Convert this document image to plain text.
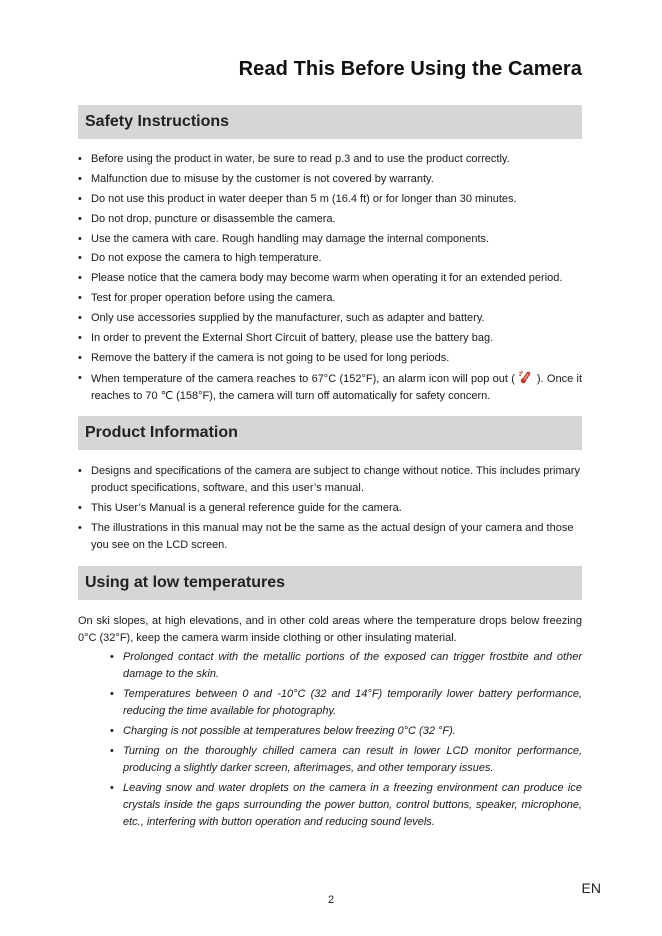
Read This Before Using the Camera
Safety Instructions
• Before using the product in water, be sure to read p.3 and to use the product correctly.
• Malfunction due to misuse by the customer is not covered by warranty.
• Do not use this product in water deeper than 5 m (16.4 ft) or for longer than 30 minutes.
• Do not drop, puncture or disassemble the camera.
• Use the camera with care. Rough handling may damage the internal components.
• Do not expose the camera to high temperature.
• Please notice that the camera body may become warm when operating it for an extended period.
• Test for proper operation before using the camera.
• Only use accessories supplied by the manufacturer, such as adapter and battery.
• In order to prevent the External Short Circuit of battery, please use the battery bag.
• Remove the battery if the camera is not going to be used for long periods.
• When temperature of the camera reaches to 67°C (152°F), an alarm icon will pop out ( ). Once it reaches to 70 ℃ (158°F), the camera will turn off automatically for safety concern.
Product Information
• Designs and specifications of the camera are subject to change without notice. This includes primary product specifications, software, and this user’s manual.
• This User’s Manual is a general reference guide for the camera.
• The illustrations in this manual may not be the same as the actual design of your camera and those you see on the LCD screen.
Using at low temperatures

On ski slopes, at high elevations, and in other cold areas where the temperature drops below freezing 0°C (32°F), keep the camera warm inside clothing or other insulating material.

• Prolonged contact with the metallic portions of the exposed can trigger frostbite and other damage to the skin.
• Temperatures between 0 and -10°C (32 and 14°F) temporarily lower battery performance, reducing the time available for photography.
• Charging is not possible at temperatures below freezing 0°C (32 °F).
• Turning on the thoroughly chilled camera can result in lower LCD monitor performance, producing a slightly darker screen, afterimages, and other temporary issues.
• Leaving snow and water droplets on the camera in a freezing environment can produce ice crystals inside the gaps surrounding the power button, control buttons, speaker, microphone, etc., interfering with button operation and reducing sound levels.
EN
2
